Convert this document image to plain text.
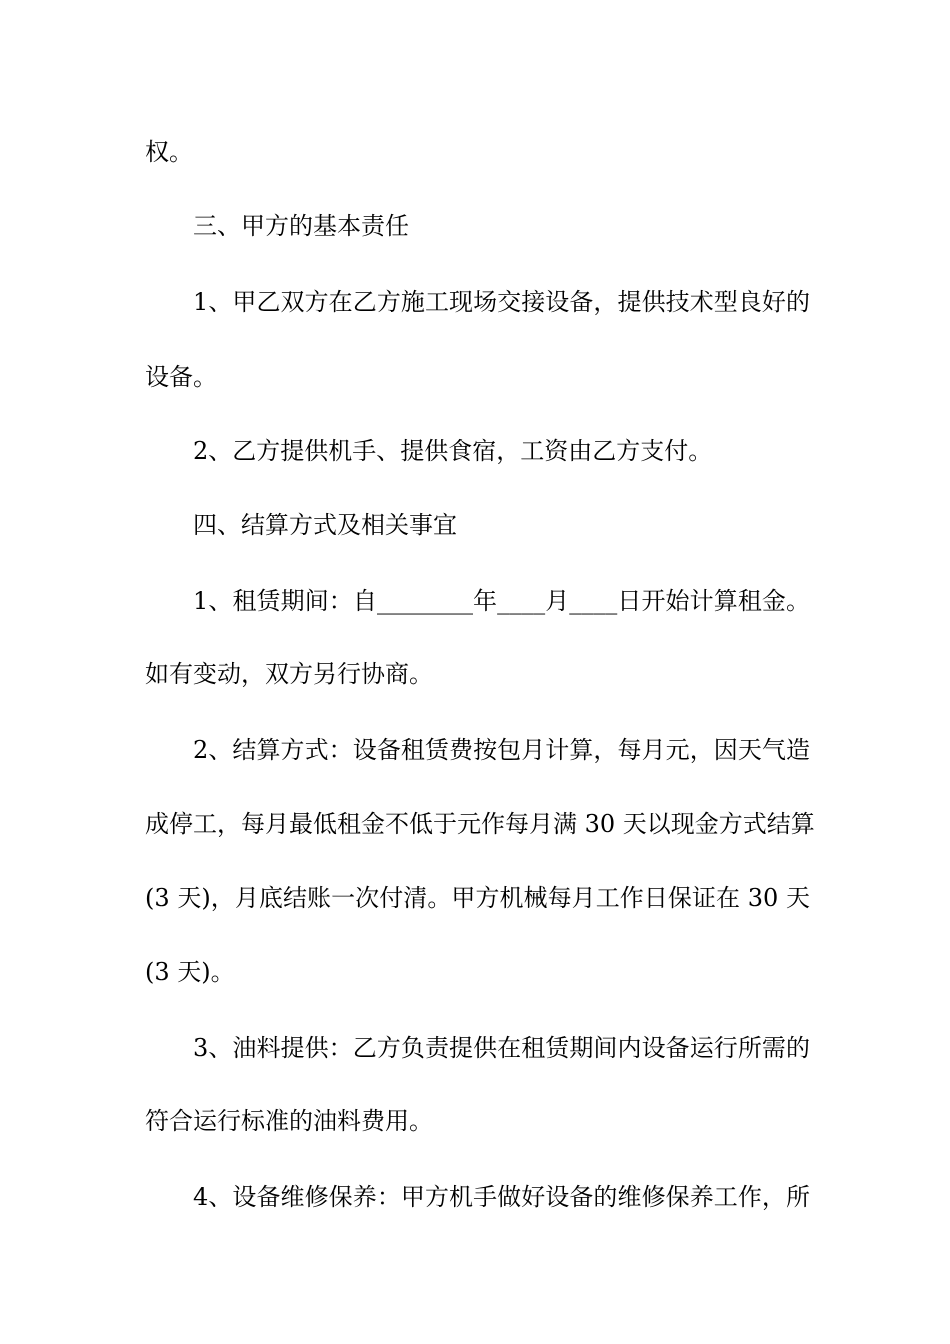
权。
三、甲方的基本责任
1、甲乙双方在乙方施工现场交接设备，提供技术型良好的
设备。
2、乙方提供机手、提供食宿，工资由乙方支付。
四、结算方式及相关事宜
1、租赁期间：自________年____月____日开始计算租金。
如有变动，双方另行协商。
2、结算方式：设备租赁费按包月计算，每月元，因天气造
成停工，每月最低租金不低于元作每月满 30 天以现金方式结算
(3 天)，月底结账一次付清。甲方机械每月工作日保证在 30 天
(3 天)。
3、油料提供：乙方负责提供在租赁期间内设备运行所需的
符合运行标准的油料费用。
4、设备维修保养：甲方机手做好设备的维修保养工作，所
